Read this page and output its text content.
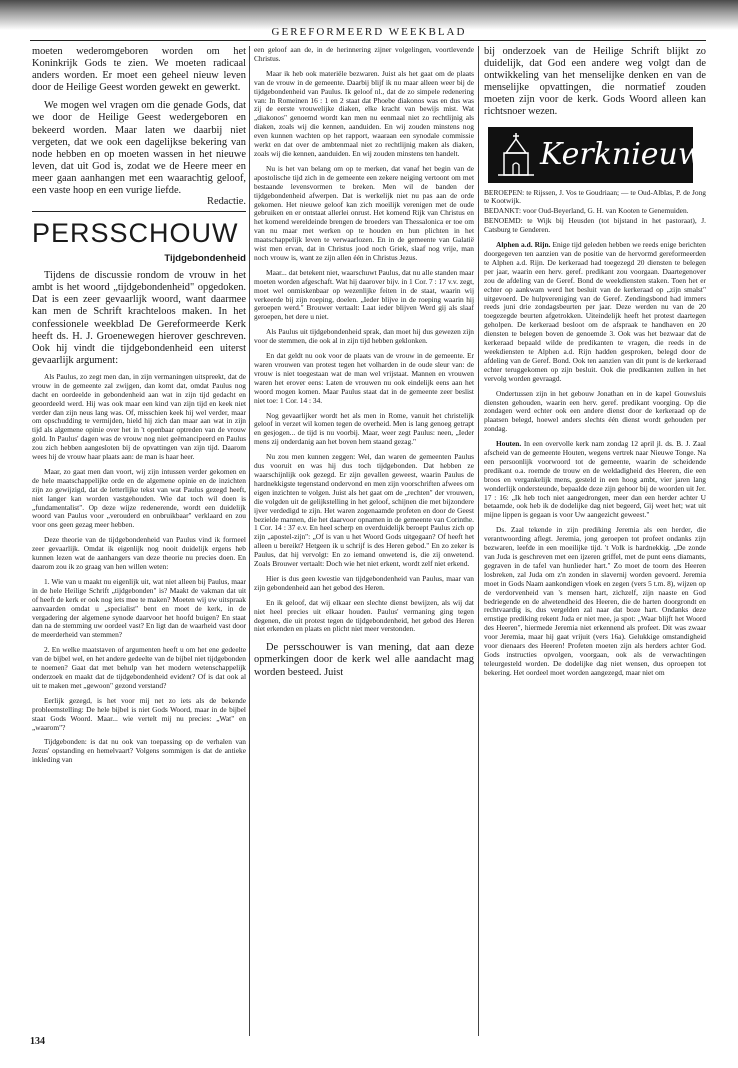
GEREFORMEERD WEEKBLAD

moeten wederomgeboren worden om het Koninkrijk Gods te zien. We moeten radicaal anders worden. Er moet een geheel nieuw leven door de Heilige Geest worden gewekt en gewerkt.

We mogen wel vragen om die genade Gods, dat we door de Heilige Geest wedergeboren en bekeerd worden. Maar laten we daarbij niet vergeten, dat we ook een dagelijkse bekering van node hebben en op moeten wassen in het nieuwe leven, dat uit God is, zodat we de Heere meer en meer gaan aanhangen met een waarachtig geloof, een vaste hoop en een vurige liefde.

Redactie.
PERSSCHOUW
Tijdgebondenheid

Tijdens de discussie rondom de vrouw in het ambt is het woord „tijdgebondenheid" opgedoken. Dat is een zeer gevaarlijk woord, want daarmee kan men de Schrift krachteloos maken. In het confessionele weekblad De Gereformeerde Kerk heeft ds. H. J. Groenewegen hierover geschreven. Ook hij vindt die tijdgebondenheid een uiterst gevaarlijk argument:

Als Paulus, zo zegt men dan, in zijn vermaningen uitspreekt, dat de vrouw in de gemeente zal zwijgen, dan komt dat, omdat Paulus nog dacht en oordeelde in gebondenheid aan wat in zijn tijd gedacht en geoordeeld werd. Hij was ook maar een kind van zijn tijd en keek niet verder dan zijn neus lang was. Of, misschien keek hij wel verder, maar om opschudding te vermijden, hield hij zich dan maar aan wat in zijn tijd als algemene opinie over het in 't openbaar optreden van de vrouw gold. In Paulus' dagen was de vrouw nog niet geëmancipeerd en Paulus zou zich hebben aangesloten bij de opvattingen van zijn tijd. Daarom wees hij de vrouw haar plaats aan: de man is haar heer.

Maar, zo gaat men dan voort, wij zijn intussen verder gekomen en de hele maatschappelijke orde en de algemene opinie en de inzichten zijn zo gewijzigd, dat de letterlijke tekst van wat Paulus gezegd heeft, niet langer kan worden vastgehouden. Wie dat toch wil doen is „fundamentalist". Op deze wijze redenerende, wordt een duidelijk woord van Paulus voor „verouderd en onbruikbaar" verklaard en zou voor ons geen gezag meer hebben.

Deze theorie van de tijdgebondenheid van Paulus vind ik formeel zeer gevaarlijk. Omdat ik eigenlijk nog nooit duidelijk ergens heb kunnen lezen wat de aanhangers van deze theorie nu precies doen. En daarom zou ik zo graag van hen willen weten:

1. Wie van u maakt nu eigenlijk uit, wat niet alleen bij Paulus, maar in de hele Heilige Schrift „tijdgebonden" is? Maakt de vakman dat uit of heeft de kerk er ook nog iets mee te maken? Moeten wij uw uitspraak aanvaarden omdat u „specialist" bent en moet de kerk, in de vergadering der algemene synode daarvoor het hoofd buigen? En staat dan na de stemming uw oordeel vast? En ligt dan de waarheid vast door de meerderheid van stemmen?

2. En welke maatstaven of argumenten heeft u om het ene gedeelte van de bijbel wel, en het andere gedeelte van de bijbel niet tijdgebonden te noemen? Gaat dat met behulp van het modern wetenschappelijk onderzoek en maakt dat de tijdgebondenheid evident? Of is dat ook al uit te maken met „gewoon" gezond verstand?

Eerlijk gezegd, is het voor mij net zo iets als de bekende probleemstelling: De hele bijbel is niet Gods Woord, maar in de bijbel staat Gods Woord. Maar... wie vertelt mij nu precies: „Wat" en „waarom"?

Tijdgebonden: is dat nu ook van toepassing op de verhalen van Jezus' opstanding en hemelvaart? Volgens sommigen is dat de antieke inkleding van

een geloof aan de, in de herinnering zijner volgelingen, voortlevende Christus.

Maar ik heb ook materiële bezwaren. Juist als het gaat om de plaats van de vrouw in de gemeente. Daarbij blijf ik nu maar alleen weer bij de tijdgebondenheid van Paulus. Ik geloof nl., dat de zo simpele redenering van: In Romeinen 16 : 1 en 2 staat dat Phoebe diakonos was en dus was zij de eerste vrouwelijke diaken, elke kracht van bewijs mist. Wat „diakonos" genoemd wordt kan men nu eenmaal niet zo rechtlijnig als diaken, zoals wij die kennen, aanduiden. En wij zouden minstens nog even kunnen wachten op het rapport, waaraan een synodale commissie werkt en dat over de ambtenmaal niet zo rechtlijnig maken als diaken, zoals wij die kennen, aanduiden. En wij zouden minstens ten handelt.

Nu is het van belang om op te merken, dat vanaf het begin van de apostolische tijd zich in de gemeente een zekere neiging vertoont om met bestaande levensvormen te breken. Men wil de banden der tijdgebondenheid afwerpen. Dat is werkelijk niet nu pas aan de orde gekomen. Het nieuwe geloof kan zich moeilijk verenigen met de oude gebruiken en er ontstaat allerlei onrust. Het komend Rijk van Christus en het komend wereldeinde brengen de broeders van Thessalonica er toe om van nu maar met werken op te houden en hun plichten in het maatschappelijk leven te verwaarlozen. En in de gemeente van Galatië wist men ervan, dat in Christus jood noch Griek, slaaf nog vrije, man noch vrouw is, want ze zijn allen één in Christus Jezus.

Maar... dat betekent niet, waarschuwt Paulus, dat nu alle standen maar moeten worden afgeschaft. Wat hij daarover bijv. in 1 Cor. 7 : 17 v.v. zegt, moet wel onmiskenbaar op wezenlijke feiten in de staat, waarin wij verkeerde bij zijn roeping, doelen. „Ieder blijve in de roeping waarin hij geroepen werd." Brouwer vertaalt: Laat ieder blijven Werd gij als slaaf geroepen, het dere u niet.

Als Paulus uit tijdgebondenheid sprak, dan moet hij dus gewezen zijn voor de stemmen, die ook al in zijn tijd hebben geklonken.

En dat geldt nu ook voor de plaats van de vrouw in de gemeente. Er waren vrouwen van protest tegen het volharden in de oude sleur van: de vrouw is niet toegestaan wat de man wel vrijstaat. Mannen en vrouwen waren het erover eens: Laten de vrouwen nu ook eindelijk eens aan het woord mogen komen. Maar Paulus staat dat in de gemeente zeer beslist niet toe: 1 Cor. 14 : 34.

Nog gevaarlijker wordt het als men in Rome, vanuit het christelijk geloof in verzet wil komen tegen de overheid. Men is lang genoeg getrapt en gesjogen... de tijd is nu voorbij. Maar, weer zegt Paulus: neen, „Ieder mens zij onderdanig aan het boven hem staand gezag."

Nu zou men kunnen zeggen: Wel, dan waren de gemeenten Paulus dus vooruit en was hij dus toch tijdgebonden. Dat hebben ze waarschijnlijk ook gezegd. Er zijn gevallen geweest, waarin Paulus de hardnekkigste tegenstand ondervond en men zijn voorschriften afwees om eigen inzichten te volgen. Juist als het gaat om de „rechten" der vrouwen, die volgden uit de gelijkstelling in het geloof, schijnen die met bijzondere ijver verdedigd te zijn. Het waren zogenaamde profeten en door de Geest bezielde mannen, die het daarvoor opnamen in de gemeente van Corinthe. 1 Cor. 14 : 37 e.v. En heel scherp en overduidelijk beroept Paulus zich op zijn „apostel-zijn": „Of is van u het Woord Gods uitgegaan? Of heeft het alleen u bereikt? Hetgeen ik u schrijf is des Heren gebod." En zo zeker is Paulus, dat hij vervolgt: En zo iemand onwetend is, die zij onwetend. Zoals Brouwer vertaalt: Doch wie het niet erkent, wordt zelf niet erkend.

Hier is dus geen kwestie van tijdgebondenheid van Paulus, maar van zijn gebondenheid aan het gebod des Heren.

En ik geloof, dat wij elkaar een slechte dienst bewijzen, als wij dat niet heel precies uit elkaar houden. Paulus' vermaning ging tegen degenen, die uit protest tegen de tijdgebondenheid, het gebod des Heren niet erkenden en plaats en plicht niet meer verstonden.

De persschouwer is van mening, dat aan deze opmerkingen door de kerk wel alle aandacht mag worden besteed. Juist

bij onderzoek van de Heilige Schrift blijkt zo duidelijk, dat God een andere weg volgt dan de ontwikkeling van het menselijke denken en van de menselijke opvattingen, die normatief zouden moeten zijn voor de kerk. Gods Woord alleen kan richtsnoer wezen.

Kerknieuws

BEROEPEN: te Rijssen, J. Vos te Goudriaan; — te Oud-Alblas, P. de Jong te Kootwijk.

BEDANKT: voor Oud-Beyerland, G. H. van Kooten te Genemuiden.

BENOEMD: te Wijk bij Heusden (tot bijstand in het pastoraat), J. Catsburg te Genderen.

Alphen a.d. Rijn. Enige tijd geleden hebben we reeds enige berichten doorgegeven ten aanzien van de positie van de hervormd gereformeerden te Alphen a.d. Rijn. De kerkeraad had toegezegd 20 diensten te belegen per jaar, waarin een herv. geref. predikant zou voorgaan. Daartegenover zou de afdeling van de Geref. Bond de weekdiensten staken. Toen het er echter op aankwam werd het besluit van de kerkeraad op „zijn smalst" uitgevoerd. De hulpvereniging van de Geref. Zendingsbond had immers reeds juni drie zondagsbeurten per jaar. Deze werden nu van de 20 toegezegde beurten afgetrokken. Uiteindelijk heeft het protest daartegen geholpen. De kerkeraad besloot om de afspraak te handhaven en 20 diensten te belegen boven de genoemde 3. Ook was het bezwaar dat de kerkeraad bepaald wilde de predikanten te vragen, die reeds in de weekdiensten te Alphen a.d. Rijn hadden gesproken, belegd door de afdeling van de Geref. Bond. Ook ten aanzien van dit punt is de kerkeraad echter teruggekomen op zijn besluit. Ook die predikanten zullen in het vervolg worden gevraagd.

Ondertussen zijn in het gebouw Jonathan en in de kapel Gouwsluis diensten gehouden, waarin een herv. geref. predikant voorging. Op die zondagen werd echter ook een andere dienst door de kerkeraad op de plaatsen belegd, hoewel anders slechts één dienst wordt gehouden per zondag.

Houten. In een overvolle kerk nam zondag 12 april jl. ds. B. J. Zaal afscheid van de gemeente Houten, wegens vertrek naar Nieuwe Tonge. Na een persoonlijk voorwoord tot de gemeente, waarin de scheidende predikant o.a. roemde de trouw en de weldadigheid des Heeren, die een broos en vergankelijk mens, gesteld in een hoog ambt, vier jaren lang wonderlijk ondersteunde, bepaalde deze zijn gehoor bij de woorden uit Jer. 17 : 16: „Ik heb toch niet aangedrongen, meer dan een herder achter U betaamde, ook heb ik de dodelijke dag niet begeerd, Gij weet het; wat uit mijne lippen is gegaan is voor Uw aangezicht geweest."

Ds. Zaal tekende in zijn prediking Jeremia als een herder, die verantwoording aflegt. Jeremia, jong geroepen tot profeet ondanks zijn bezwaren, leefde in een moeilijke tijd. 't Volk is hardnekkig. „De zonde van Juda is geschreven met een ijzeren griffel, met de punt eens diamants, gegraven in de tafel van hunlieder hart." Zo moet de toorn des Heeren losbreken, zal Juda om z'n zonden in slavernij worden gevoerd. Jeremia moet in Gods Naam aankondigen vloek en zegen (vers 5 t.m. 8), wijzen op de verdorvenheid van 's mensen hart, zichzelf, zijn naaste en God bedriegende en de alwetendheid des Heeren, die de harten doorgrondt en rechtvaardig is, dus vergelden zal naar dat boze hart. Ondanks deze ernstige prediking rekent Juda er niet mee, ja spot: „Waar blijft het Woord des Heeren", hiermede Jeremia niet erkennend als profeet. Dit was zwaar voor Jeremia, maar hij gaat vrijuit (vers 16a). Gelukkige omstandigheid voor dienaars des Heeren! Profeten moeten zijn als herders achter God. Gods instructies opvolgen, voorgaan, ook als de verwachtingen teleurgesteld worden. De dodelijke dag niet wensen, dus oproepen tot bekering. Het oordeel moet worden aangezegd, maar niet om

134
